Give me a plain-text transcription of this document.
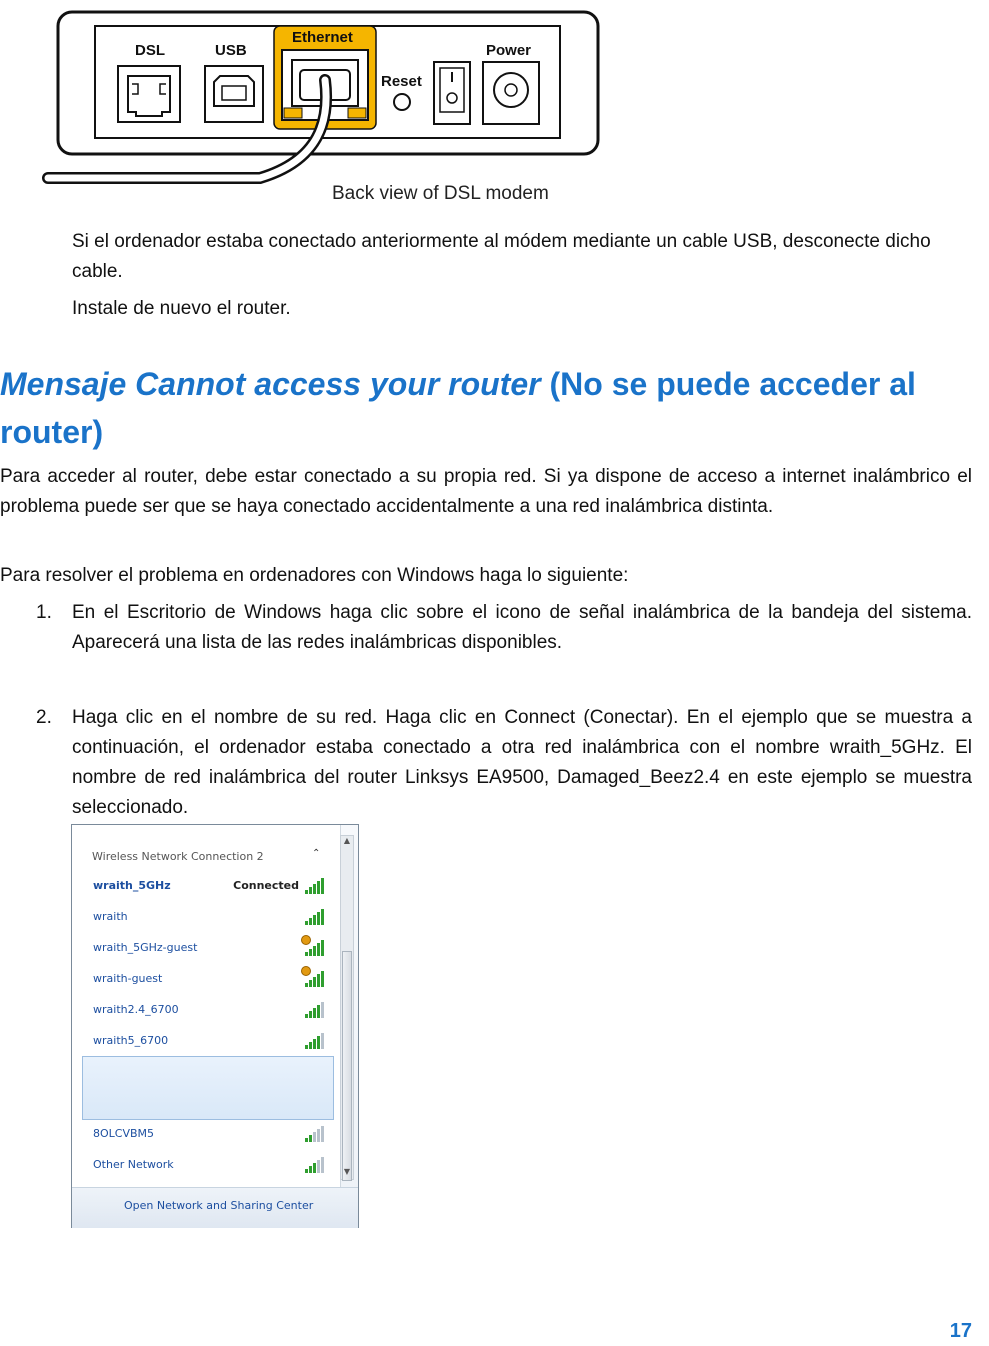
DSL	USB
Ethernet
Reset
Power
Back view of DSL modem

Si el ordenador estaba conectado anteriormente al módem mediante un cable USB, desconecte dicho cable.

Instale de nuevo el router.

Mensaje Cannot access your router (No se puede acceder al router)

Para acceder al router, debe estar conectado a su propia red. Si ya dispone de acceso a internet inalámbrico el problema puede ser que se haya conectado accidentalmente a una red inalámbrica distinta.

Para resolver el problema en ordenadores con Windows haga lo siguiente:

1. En el Escritorio de Windows haga clic sobre el icono de señal inalámbrica de la bandeja del sistema. Aparecerá una lista de las redes inalámbricas disponibles.

2. Haga clic en el nombre de su red. Haga clic en Connect (Conectar). En el ejemplo que se muestra a continuación, el ordenador estaba conectado a otra red inalámbrica con el nombre wraith_5GHz. El nombre de red inalámbrica del router Linksys EA9500, Damaged_Beez2.4 en este ejemplo se muestra seleccionado.

Wireless Network Connection 2	⌃
wraith_5GHz	Connected
wraith
wraith_5GHz-guest
wraith-guest
wraith2.4_6700
wraith5_6700
8OLCVBM5
Other Network
▲
▼
Open Network and Sharing Center
17
